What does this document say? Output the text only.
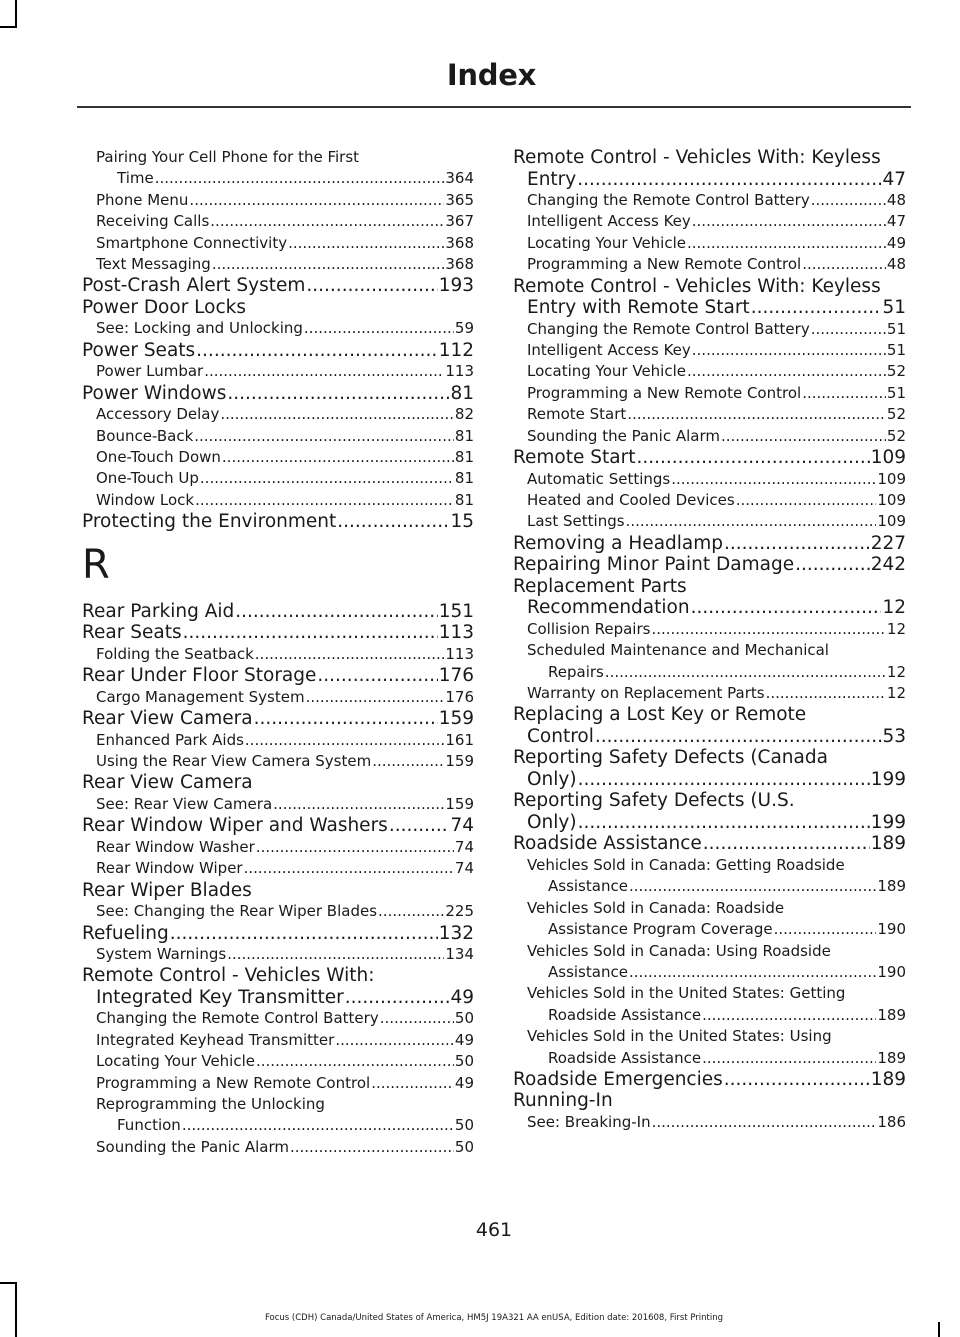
Index
Pairing Your Cell Phone for the First
Time .....	364
Phone Menu .....	365
Receiving Calls .....	367
Smartphone Connectivity .....	368
Text Messaging .....	368
Post-Crash Alert System .....	193
Power Door Locks
See: Locking and Unlocking .....	59
Power Seats .....	112
Power Lumbar .....	113
Power Windows .....	81
Accessory Delay .....	82
Bounce-Back .....	81
One-Touch Down .....	81
One-Touch Up .....	81
Window Lock .....	81
Protecting the Environment .....	15
R
Rear Parking Aid .....	151
Rear Seats .....	113
Folding the Seatback .....	113
Rear Under Floor Storage .....	176
Cargo Management System .....	176
Rear View Camera .....	159
Enhanced Park Aids .....	161
Using the Rear View Camera System .....	159
Rear View Camera
See: Rear View Camera .....	159
Rear Window Wiper and Washers .....	74
Rear Window Washer .....	74
Rear Window Wiper .....	74
Rear Wiper Blades
See: Changing the Rear Wiper Blades .....	225
Refueling .....	132
System Warnings .....	134
Remote Control - Vehicles With:
Integrated Key Transmitter .....	49
Changing the Remote Control Battery .....	50
Integrated Keyhead Transmitter .....	49
Locating Your Vehicle .....	50
Programming a New Remote Control .....	49
Reprogramming the Unlocking
Function .....	50
Sounding the Panic Alarm .....	50
Remote Control - Vehicles With: Keyless
Entry .....	47
Changing the Remote Control Battery .....	48
Intelligent Access Key .....	47
Locating Your Vehicle .....	49
Programming a New Remote Control .....	48
Remote Control - Vehicles With: Keyless
Entry with Remote Start .....	51
Changing the Remote Control Battery .....	51
Intelligent Access Key .....	51
Locating Your Vehicle .....	52
Programming a New Remote Control .....	51
Remote Start .....	52
Sounding the Panic Alarm .....	52
Remote Start .....	109
Automatic Settings .....	109
Heated and Cooled Devices .....	109
Last Settings .....	109
Removing a Headlamp .....	227
Repairing Minor Paint Damage .....	242
Replacement Parts
Recommendation .....	12
Collision Repairs .....	12
Scheduled Maintenance and Mechanical
Repairs .....	12
Warranty on Replacement Parts .....	12
Replacing a Lost Key or Remote
Control .....	53
Reporting Safety Defects (Canada
Only) .....	199
Reporting Safety Defects (U.S.
Only) .....	199
Roadside Assistance .....	189
Vehicles Sold in Canada: Getting Roadside
Assistance .....	189
Vehicles Sold in Canada: Roadside
Assistance Program Coverage .....	190
Vehicles Sold in Canada: Using Roadside
Assistance .....	190
Vehicles Sold in the United States: Getting
Roadside Assistance .....	189
Vehicles Sold in the United States: Using
Roadside Assistance .....	189
Roadside Emergencies .....	189
Running-In
See: Breaking-In .....	186
461
Focus (CDH) Canada/United States of America, HM5J 19A321 AA enUSA, Edition date: 201608, First Printing
